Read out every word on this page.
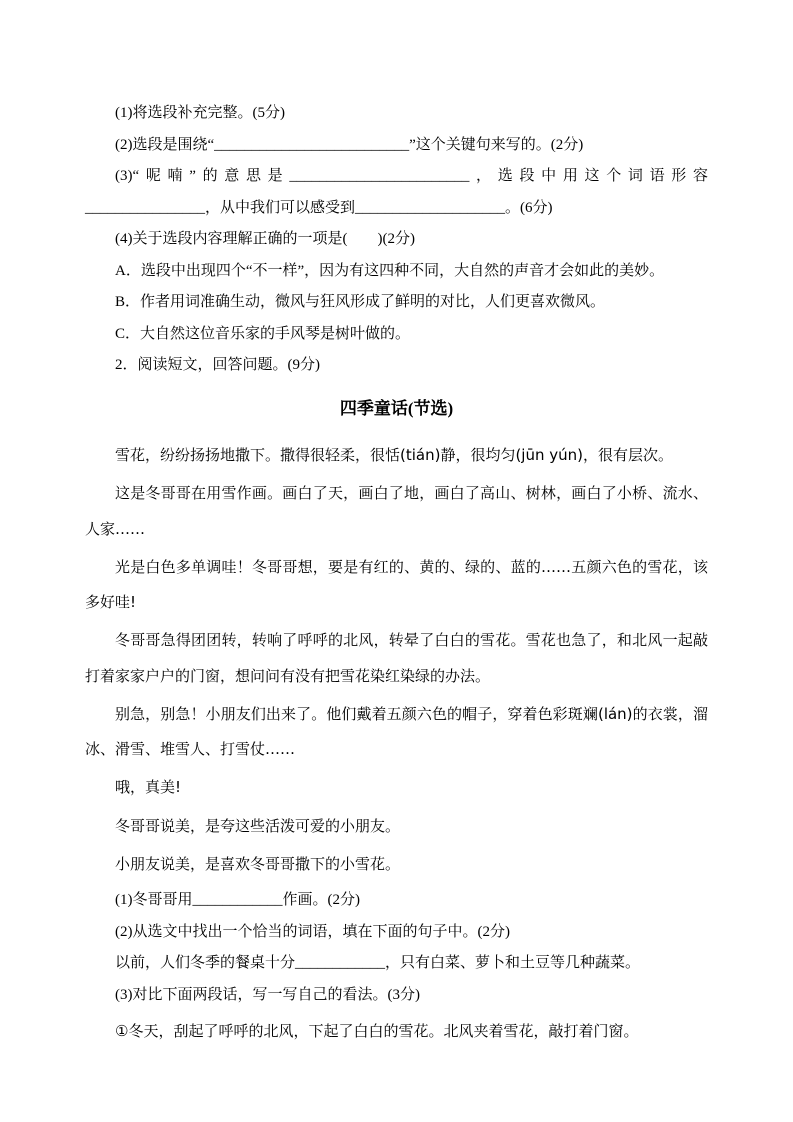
(1)将选段补充完整。(5分)

(2)选段是围绕“__________________________”这个关键句来写的。(2分)

(3)“呢喃”的意思是________________________，选段中用这个词语形容________________，从中我们可以感受到____________________。(6分)

(4)关于选段内容理解正确的一项是(　　)(2分)

A．选段中出现四个“不一样”，因为有这四种不同，大自然的声音才会如此的美妙。

B．作者用词准确生动，微风与狂风形成了鲜明的对比，人们更喜欢微风。

C．大自然这位音乐家的手风琴是树叶做的。

2．阅读短文，回答问题。(9分)

四季童话(节选)

雪花，纷纷扬扬地撒下。撒得很轻柔，很恬(tián)静，很均匀(jūn yún)，很有层次。

这是冬哥哥在用雪作画。画白了天，画白了地，画白了高山、树林，画白了小桥、流水、人家……

光是白色多单调哇！冬哥哥想，要是有红的、黄的、绿的、蓝的……五颜六色的雪花，该多好哇!

冬哥哥急得团团转，转响了呼呼的北风，转晕了白白的雪花。雪花也急了，和北风一起敲打着家家户户的门窗，想问问有没有把雪花染红染绿的办法。

别急，别急！小朋友们出来了。他们戴着五颜六色的帽子，穿着色彩斑斓(lán)的衣裳，溜冰、滑雪、堆雪人、打雪仗……

哦，真美!

冬哥哥说美，是夸这些活泼可爱的小朋友。

小朋友说美，是喜欢冬哥哥撒下的小雪花。

(1)冬哥哥用____________作画。(2分)

(2)从选文中找出一个恰当的词语，填在下面的句子中。(2分)

以前，人们冬季的餐桌十分____________，只有白菜、萝卜和土豆等几种蔬菜。

(3)对比下面两段话，写一写自己的看法。(3分)

①冬天，刮起了呼呼的北风，下起了白白的雪花。北风夹着雪花，敲打着门窗。
